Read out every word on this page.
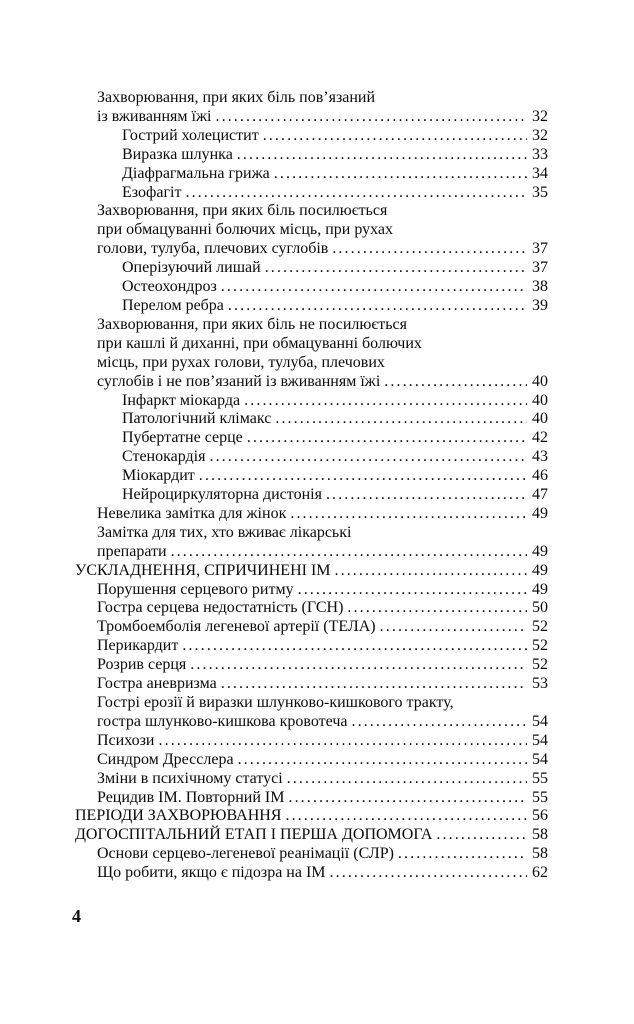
Захворювання, при яких біль пов’язаний
із вживанням їжі .....	32
Гострий холецистит .....	32
Виразка шлунка .....	33
Діафрагмальна грижа .....	34
Езофагіт .....	35
Захворювання, при яких біль посилюється
при обмацуванні болючих місць, при рухах
голови, тулуба, плечових суглобів .....	37
Оперізуючий лишай .....	37
Остеохондроз .....	38
Перелом ребра .....	39
Захворювання, при яких біль не посилюється
при кашлі й диханні, при обмацуванні болючих
місць, при рухах голови, тулуба, плечових
суглобів і не пов’язаний із вживанням їжі .....	40
Інфаркт міокарда .....	40
Патологічний клімакс .....	40
Пубертатне серце .....	42
Стенокардія .....	43
Міокардит .....	46
Нейроциркуляторна дистонія .....	47
Невелика замітка для жінок .....	49
Замітка для тих, хто вживає лікарські
препарати .....	49
УСКЛАДНЕННЯ, СПРИЧИНЕНІ ІМ .....	49
Порушення серцевого ритму .....	49
Гостра серцева недостатність (ГСН) .....	50
Тромбоемболія легеневої артерії (ТЕЛА) .....	52
Перикардит .....	52
Розрив серця .....	52
Гостра аневризма .....	53
Гострі ерозії й виразки шлунково-кишкового тракту,
гостра шлунково-кишкова кровотеча .....	54
Психози .....	54
Синдром Дресслера .....	54
Зміни в психічному статусі .....	55
Рецидив ІМ. Повторний ІМ .....	55
ПЕРІОДИ ЗАХВОРЮВАННЯ .....	56
ДОГОСПІТАЛЬНИЙ ЕТАП І ПЕРША ДОПОМОГА .....	58
Основи серцево-легеневої реанімації (СЛР) .....	58
Що робити, якщо є підозра на ІМ .....	62
4
